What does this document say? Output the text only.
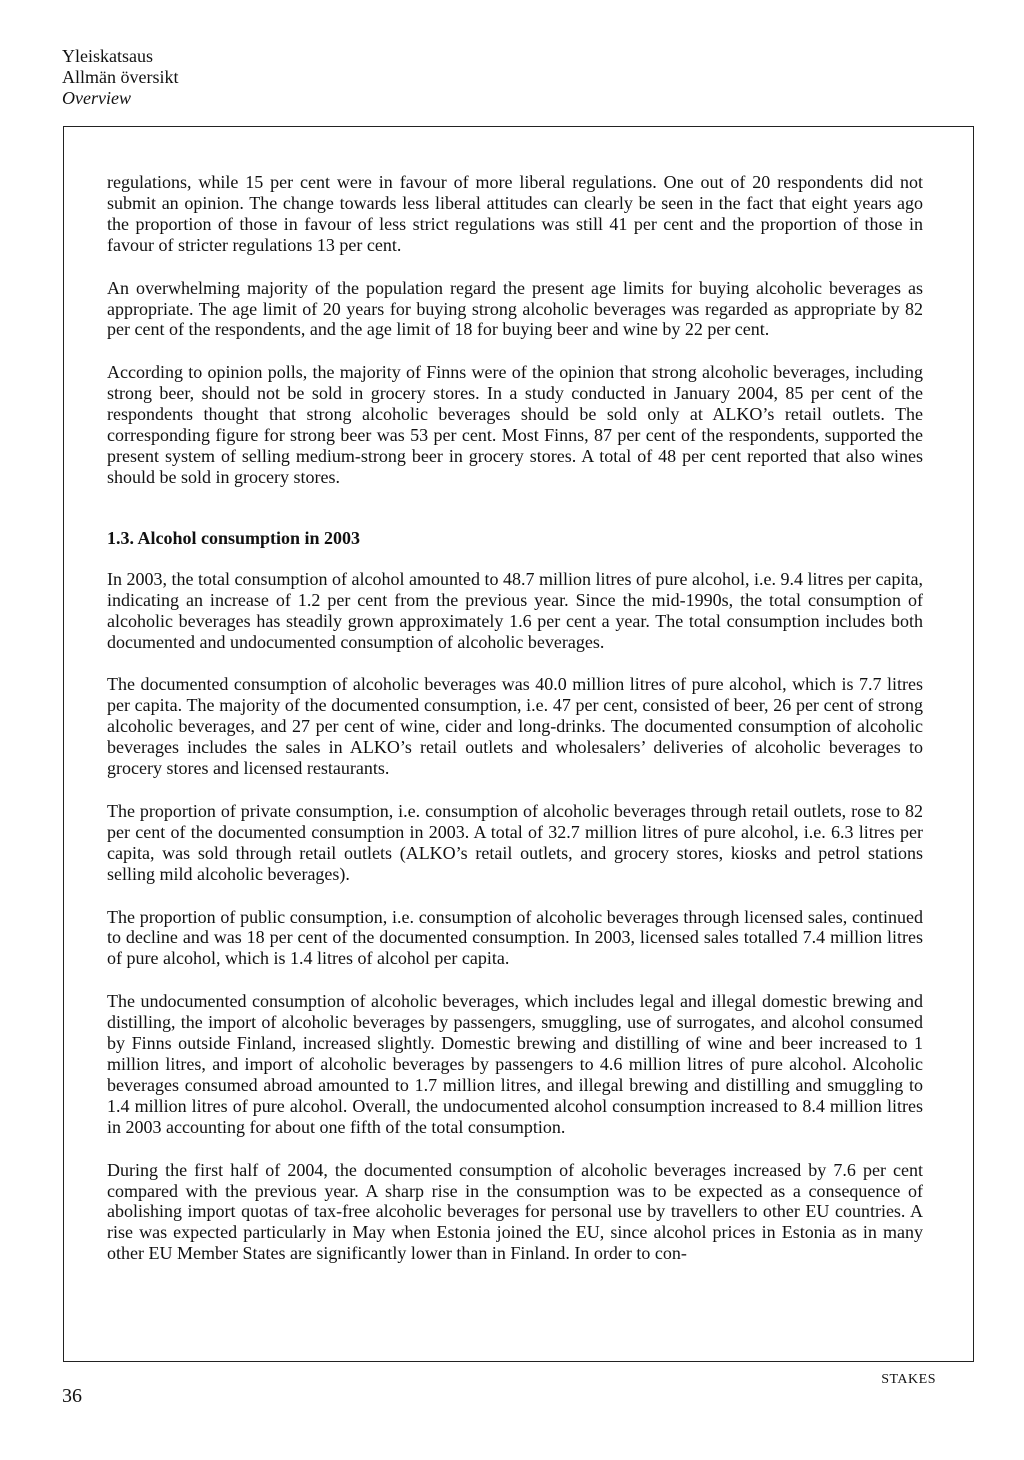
Yleiskatsaus
Allmän översikt
Overview

regulations, while 15 per cent were in favour of more liberal regulations. One out of 20 respondents did not submit an opinion. The change towards less liberal attitudes can clearly be seen in the fact that eight years ago the proportion of those in favour of less strict regulations was still 41 per cent and the proportion of those in favour of stricter regulations 13 per cent.

An overwhelming majority of the population regard the present age limits for buying alcoholic beverages as appropriate. The age limit of 20 years for buying strong alcoholic beverages was regarded as appropriate by 82 per cent of the respondents, and the age limit of 18 for buying beer and wine by 22 per cent.

According to opinion polls, the majority of Finns were of the opinion that strong alcoholic beverages, including strong beer, should not be sold in grocery stores. In a study conducted in January 2004, 85 per cent of the respondents thought that strong alcoholic beverages should be sold only at ALKO’s retail outlets. The corresponding figure for strong beer was 53 per cent. Most Finns, 87 per cent of the respondents, supported the present system of selling medium-strong beer in grocery stores. A total of 48 per cent reported that also wines should be sold in grocery stores.

1.3. Alcohol consumption in 2003

In 2003, the total consumption of alcohol amounted to 48.7 million litres of pure alcohol, i.e. 9.4 litres per capita, indicating an increase of 1.2 per cent from the previous year. Since the mid-1990s, the total consumption of alcoholic beverages has steadily grown approximately 1.6 per cent a year. The total consumption includes both documented and undocumented consumption of alcoholic beverages.

The documented consumption of alcoholic beverages was 40.0 million litres of pure alcohol, which is 7.7 litres per capita. The majority of the documented consumption, i.e. 47 per cent, consisted of beer, 26 per cent of strong alcoholic beverages, and 27 per cent of wine, cider and long-drinks. The documented consumption of alcoholic beverages includes the sales in ALKO’s retail outlets and wholesalers’ deliveries of alcoholic beverages to grocery stores and licensed restaurants.

The proportion of private consumption, i.e. consumption of alcoholic beverages through retail outlets, rose to 82 per cent of the documented consumption in 2003. A total of 32.7 million litres of pure alcohol, i.e. 6.3 litres per capita, was sold through retail outlets (ALKO’s retail outlets, and grocery stores, kiosks and petrol stations selling mild alcoholic beverages).

The proportion of public consumption, i.e. consumption of alcoholic beverages through licensed sales, continued to decline and was 18 per cent of the documented consumption. In 2003, licensed sales totalled 7.4 million litres of pure alcohol, which is 1.4 litres of alcohol per capita.

The undocumented consumption of alcoholic beverages, which includes legal and illegal domestic brewing and distilling, the import of alcoholic beverages by passengers, smuggling, use of surrogates, and alcohol consumed by Finns outside Finland, increased slightly. Domestic brewing and distilling of wine and beer increased to 1 million litres, and import of alcoholic beverages by passengers to 4.6 million litres of pure alcohol. Alcoholic beverages consumed abroad amounted to 1.7 million litres, and illegal brewing and distilling and smuggling to 1.4 million litres of pure alcohol. Overall, the undocumented alcohol consumption increased to 8.4 million litres in 2003 accounting for about one fifth of the total consumption.

During the first half of 2004, the documented consumption of alcoholic beverages increased by 7.6 per cent compared with the previous year. A sharp rise in the consumption was to be expected as a consequence of abolishing import quotas of tax-free alcoholic beverages for personal use by travellers to other EU countries. A rise was expected particularly in May when Estonia joined the EU, since alcohol prices in Estonia as in many other EU Member States are significantly lower than in Finland. In order to con-

36
STAKES
